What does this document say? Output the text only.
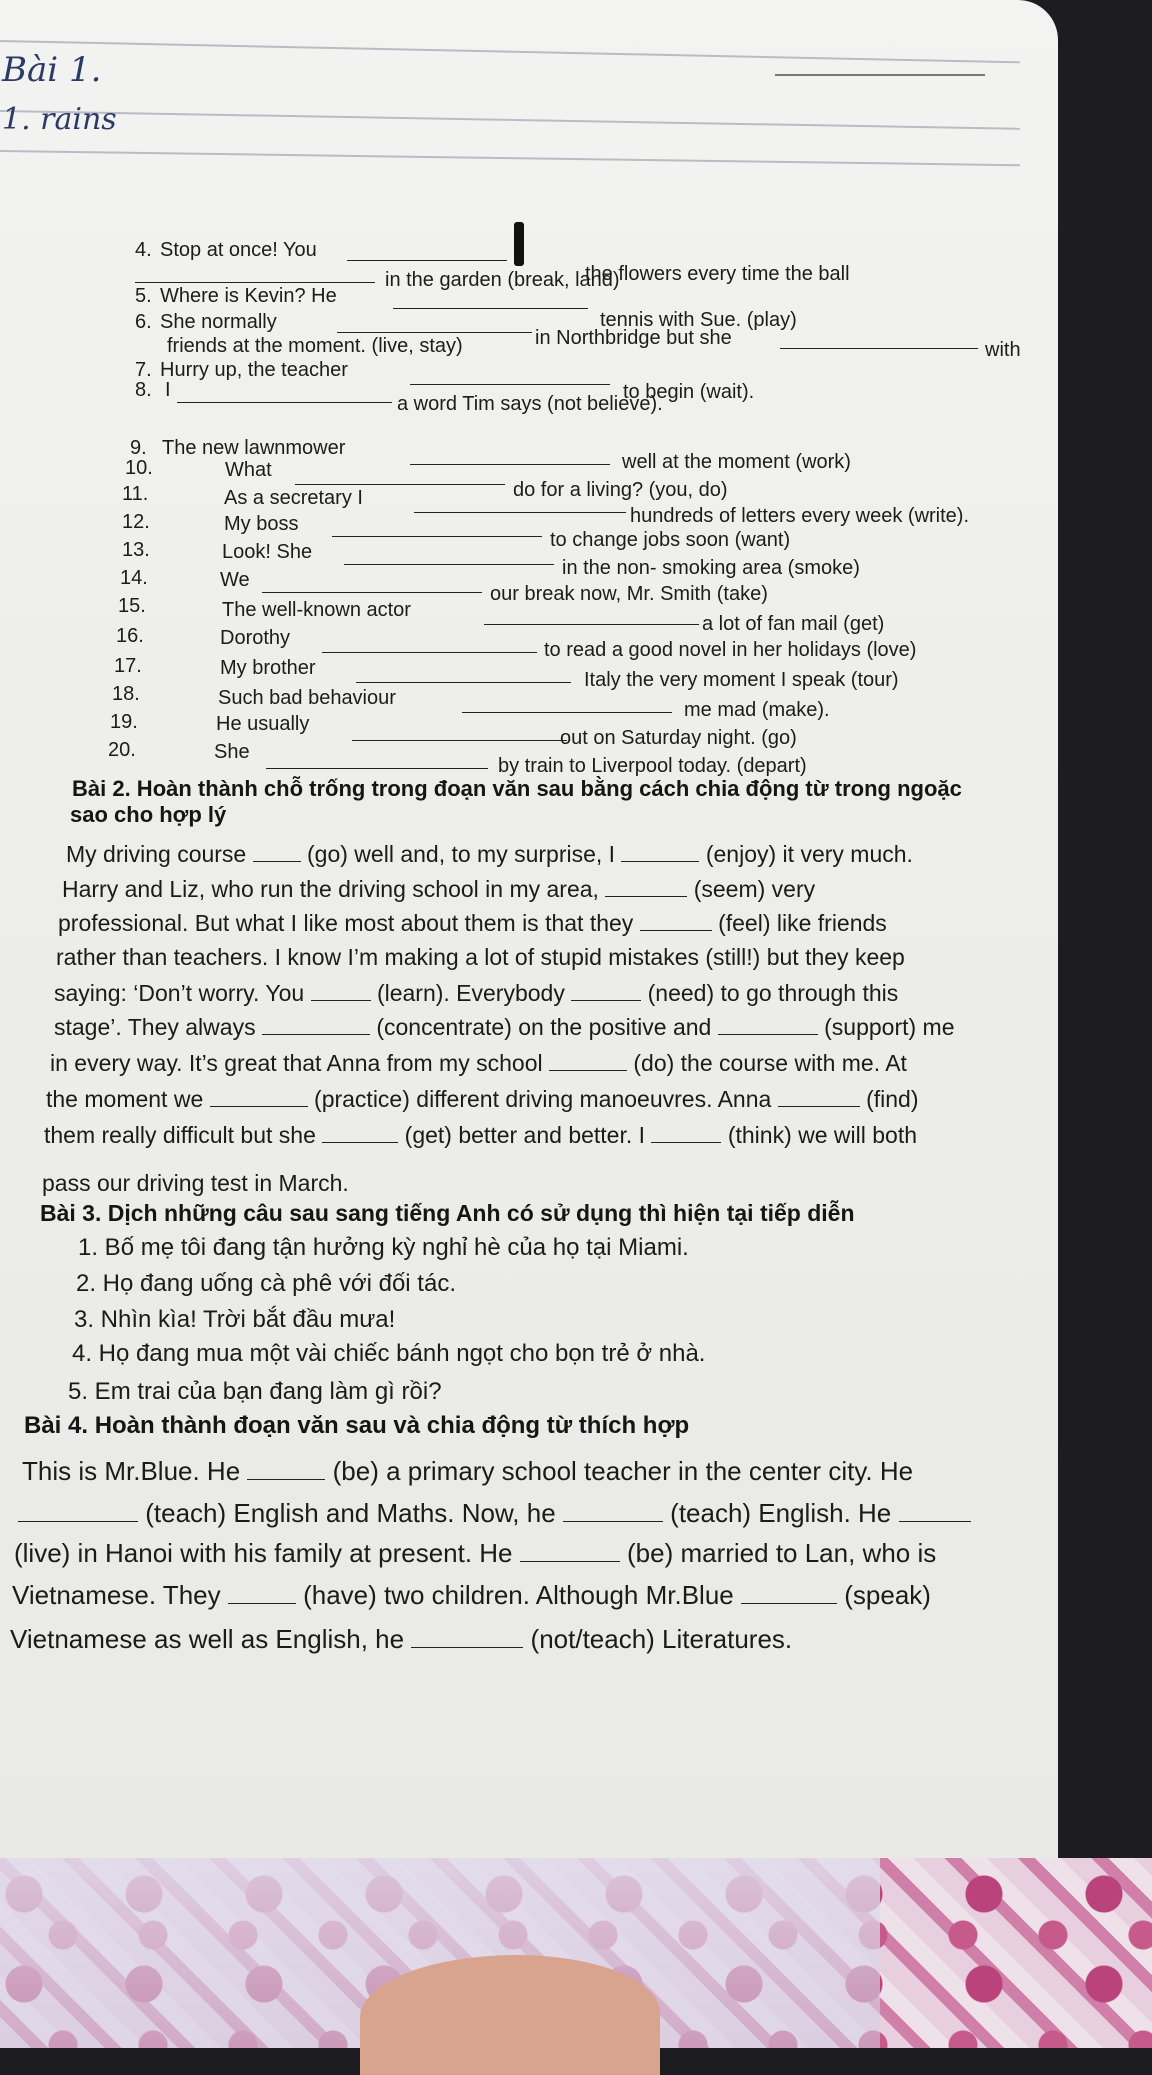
Bài 1.
1. rains
4. Stop at once! You
the flowers every time the ball
in the garden (break, land)
5. Where is Kevin? He
tennis with Sue. (play)
6. She normally
in Northbridge but she
with
friends at the moment. (live, stay)
7. Hurry up, the teacher
to begin (wait).
8. I
a word Tim says (not believe).
9. The new lawnmower
well at the moment (work)
10.	What
do for a living? (you, do)
11.	As a secretary I
hundreds of letters every week (write).
12.	My boss
to change jobs soon (want)
13.	Look! She
in the non- smoking area (smoke)
14.	We
our break now, Mr. Smith (take)
15.	The well-known actor
a lot of fan mail (get)
16.	Dorothy
to read a good novel in her holidays (love)
17.	My brother
Italy the very moment I speak (tour)
18.	Such bad behaviour
me mad (make).
19.	He usually
out on Saturday night. (go)
20.	She
by train to Liverpool today. (depart)
Bài 2. Hoàn thành chỗ trống trong đoạn văn sau bằng cách chia động từ trong ngoặc
sao cho hợp lý
My driving course	(go) well and, to my surprise, I	(enjoy) it very much.
Harry and Liz, who run the driving school in my area,	(seem) very
professional. But what I like most about them is that they	(feel) like friends
rather than teachers. I know I’m making a lot of stupid mistakes (still!) but they keep
saying: ‘Don’t worry. You	(learn). Everybody	(need) to go through this
stage’. They always	(concentrate) on the positive and	(support) me
in every way. It’s great that Anna from my school	(do) the course with me. At
the moment we	(practice) different driving manoeuvres. Anna	(find)
them really difficult but she	(get) better and better. I	(think) we will both
pass our driving test in March.
Bài 3. Dịch những câu sau sang tiếng Anh có sử dụng thì hiện tại tiếp diễn
1. Bố mẹ tôi đang tận hưởng kỳ nghỉ hè của họ tại Miami.
2. Họ đang uống cà phê với đối tác.
3. Nhìn kìa! Trời bắt đầu mưa!
4. Họ đang mua một vài chiếc bánh ngọt cho bọn trẻ ở nhà.
5. Em trai của bạn đang làm gì rồi?
Bài 4. Hoàn thành đoạn văn sau và chia động từ thích hợp
This is Mr.Blue. He	(be) a primary school teacher in the center city. He
(teach) English and Maths. Now, he	(teach) English. He
(live) in Hanoi with his family at present. He	(be) married to Lan, who is
Vietnamese. They	(have) two children. Although Mr.Blue	(speak)
Vietnamese as well as English, he	(not/teach) Literatures.
